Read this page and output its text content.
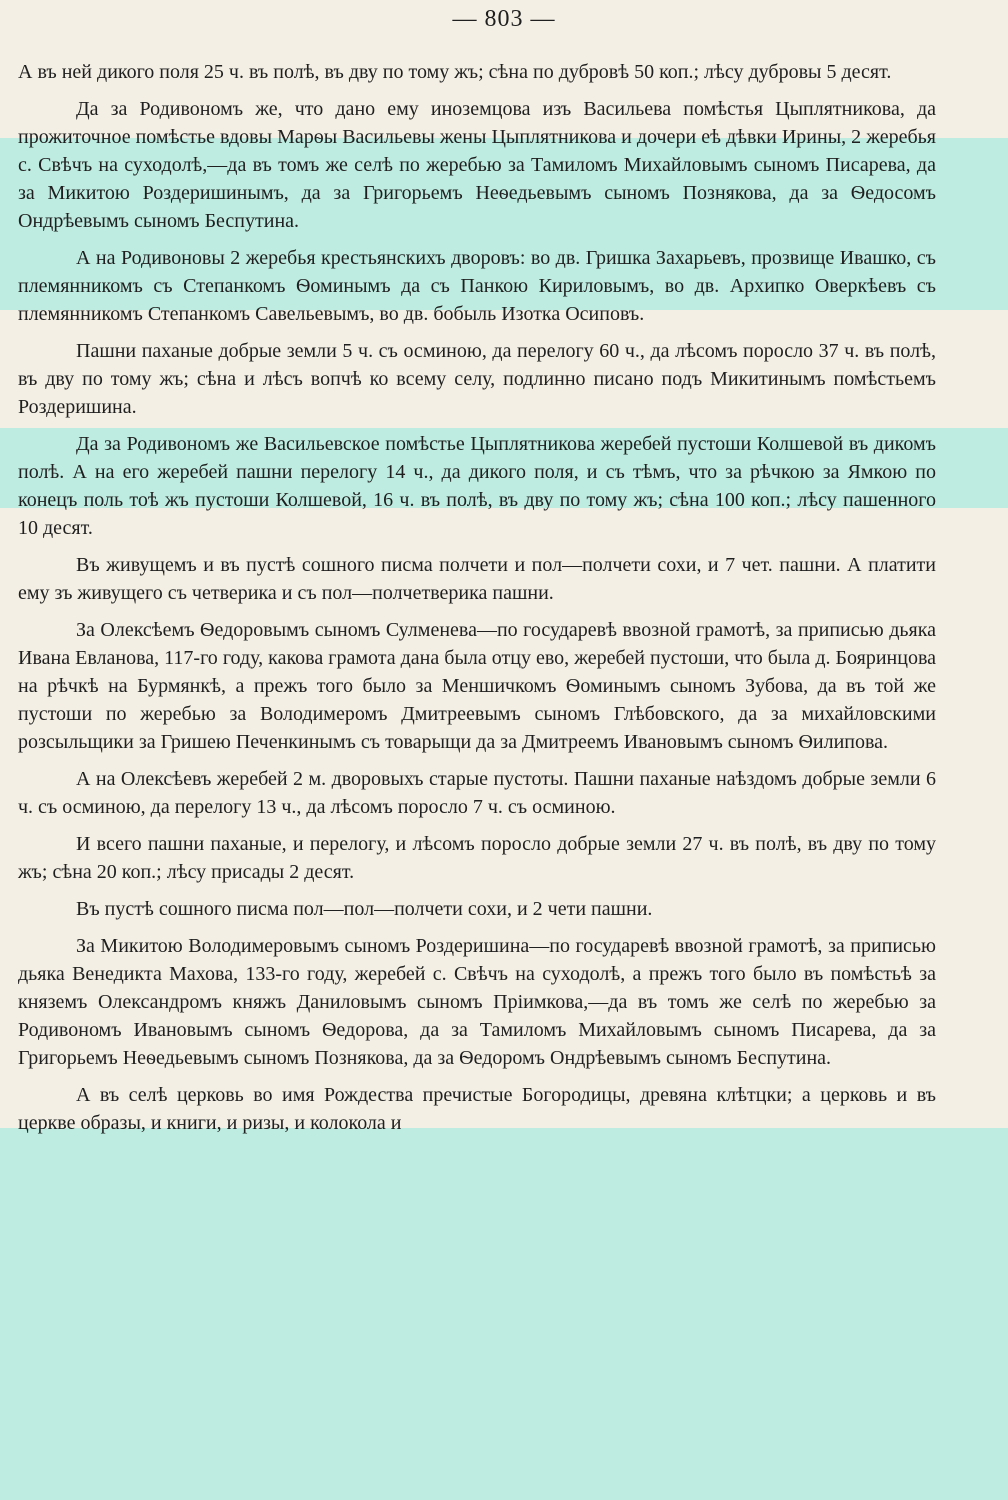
— 803 —

А въ ней дикого поля 25 ч. въ полѣ, въ дву по тому жъ; сѣна по дубровѣ 50 коп.; лѣсу дубровы 5 десят.

Да за Родивономъ же, что дано ему иноземцова изъ Васильева помѣстья Цыплятникова, да прожиточное помѣстье вдовы Марѳы Васильевы жены Цыплятникова и дочери еѣ дѣвки Ирины, 2 жеребья с. Свѣчъ на суходолѣ,—да въ томъ же селѣ по жеребью за Тамиломъ Михайловымъ сыномъ Писарева, да за Микитою Роздеришинымъ, да за Григорьемъ Неѳедьевымъ сыномъ Познякова, да за Ѳедосомъ Ондрѣевымъ сыномъ Беспутина.

А на Родивоновы 2 жеребья крестьянскихъ дворовъ: во дв. Гришка Захарьевъ, прозвище Ивашко, съ племянникомъ съ Степанкомъ Ѳоминымъ да съ Панкою Кириловымъ, во дв. Архипко Оверкѣевъ съ племянникомъ Степанкомъ Савельевымъ, во дв. бобыль Изотка Осиповъ.

Пашни паханые добрые земли 5 ч. съ осминою, да перелогу 60 ч., да лѣсомъ поросло 37 ч. въ полѣ, въ дву по тому жъ; сѣна и лѣсъ вопчѣ ко всему селу, подлинно писано подъ Микитинымъ помѣстьемъ Роздеришина.

Да за Родивономъ же Васильевское помѣстье Цыплятникова жеребей пустоши Колшевой въ дикомъ полѣ. А на его жеребей пашни перелогу 14 ч., да дикого поля, и съ тѣмъ, что за рѣчкою за Ямкою по конецъ поль тоѣ жъ пустоши Колшевой, 16 ч. въ полѣ, въ дву по тому жъ; сѣна 100 коп.; лѣсу пашенного 10 десят.

Въ живущемъ и въ пустѣ сошного писма полчети и пол—полчети сохи, и 7 чет. пашни. А платити ему зъ живущего съ четверика и съ пол—полчетверика пашни.

За Олексѣемъ Ѳедоровымъ сыномъ Сулменева—по государевѣ ввозной грамотѣ, за приписью дьяка Ивана Евланова, 117-го году, какова грамота дана была отцу ево, жеребей пустоши, что была д. Бояринцова на рѣчкѣ на Бурмянкѣ, а прежъ того было за Меншичкомъ Ѳоминымъ сыномъ Зубова, да въ той же пустоши по жеребью за Володимеромъ Дмитреевымъ сыномъ Глѣбовского, да за михайловскими розсыльщики за Гришею Печенкинымъ съ товарыщи да за Дмитреемъ Ивановымъ сыномъ Ѳилипова.

А на Олексѣевъ жеребей 2 м. дворовыхъ старые пустоты. Пашни паханые наѣздомъ добрые земли 6 ч. съ осминою, да перелогу 13 ч., да лѣсомъ поросло 7 ч. съ осминою.

И всего пашни паханые, и перелогу, и лѣсомъ поросло добрые земли 27 ч. въ полѣ, въ дву по тому жъ; сѣна 20 коп.; лѣсу присады 2 десят.

Въ пустѣ сошного писма пол—пол—полчети сохи, и 2 чети пашни.

За Микитою Володимеровымъ сыномъ Роздеришина—по государевѣ ввозной грамотѣ, за приписью дьяка Венедикта Махова, 133-го году, жеребей с. Свѣчъ на суходолѣ, а прежъ того было въ помѣстьѣ за княземъ Олександромъ княжъ Даниловымъ сыномъ Пріимкова,—да въ томъ же селѣ по жеребью за Родивономъ Ивановымъ сыномъ Ѳедорова, да за Тамиломъ Михайловымъ сыномъ Писарева, да за Григорьемъ Неѳедьевымъ сыномъ Познякова, да за Ѳедоромъ Ондрѣевымъ сыномъ Беспутина.

А въ селѣ церковь во имя Рождества пречистые Богородицы, древяна клѣтцки; а церковь и въ церкве образы, и книги, и ризы, и колокола и
